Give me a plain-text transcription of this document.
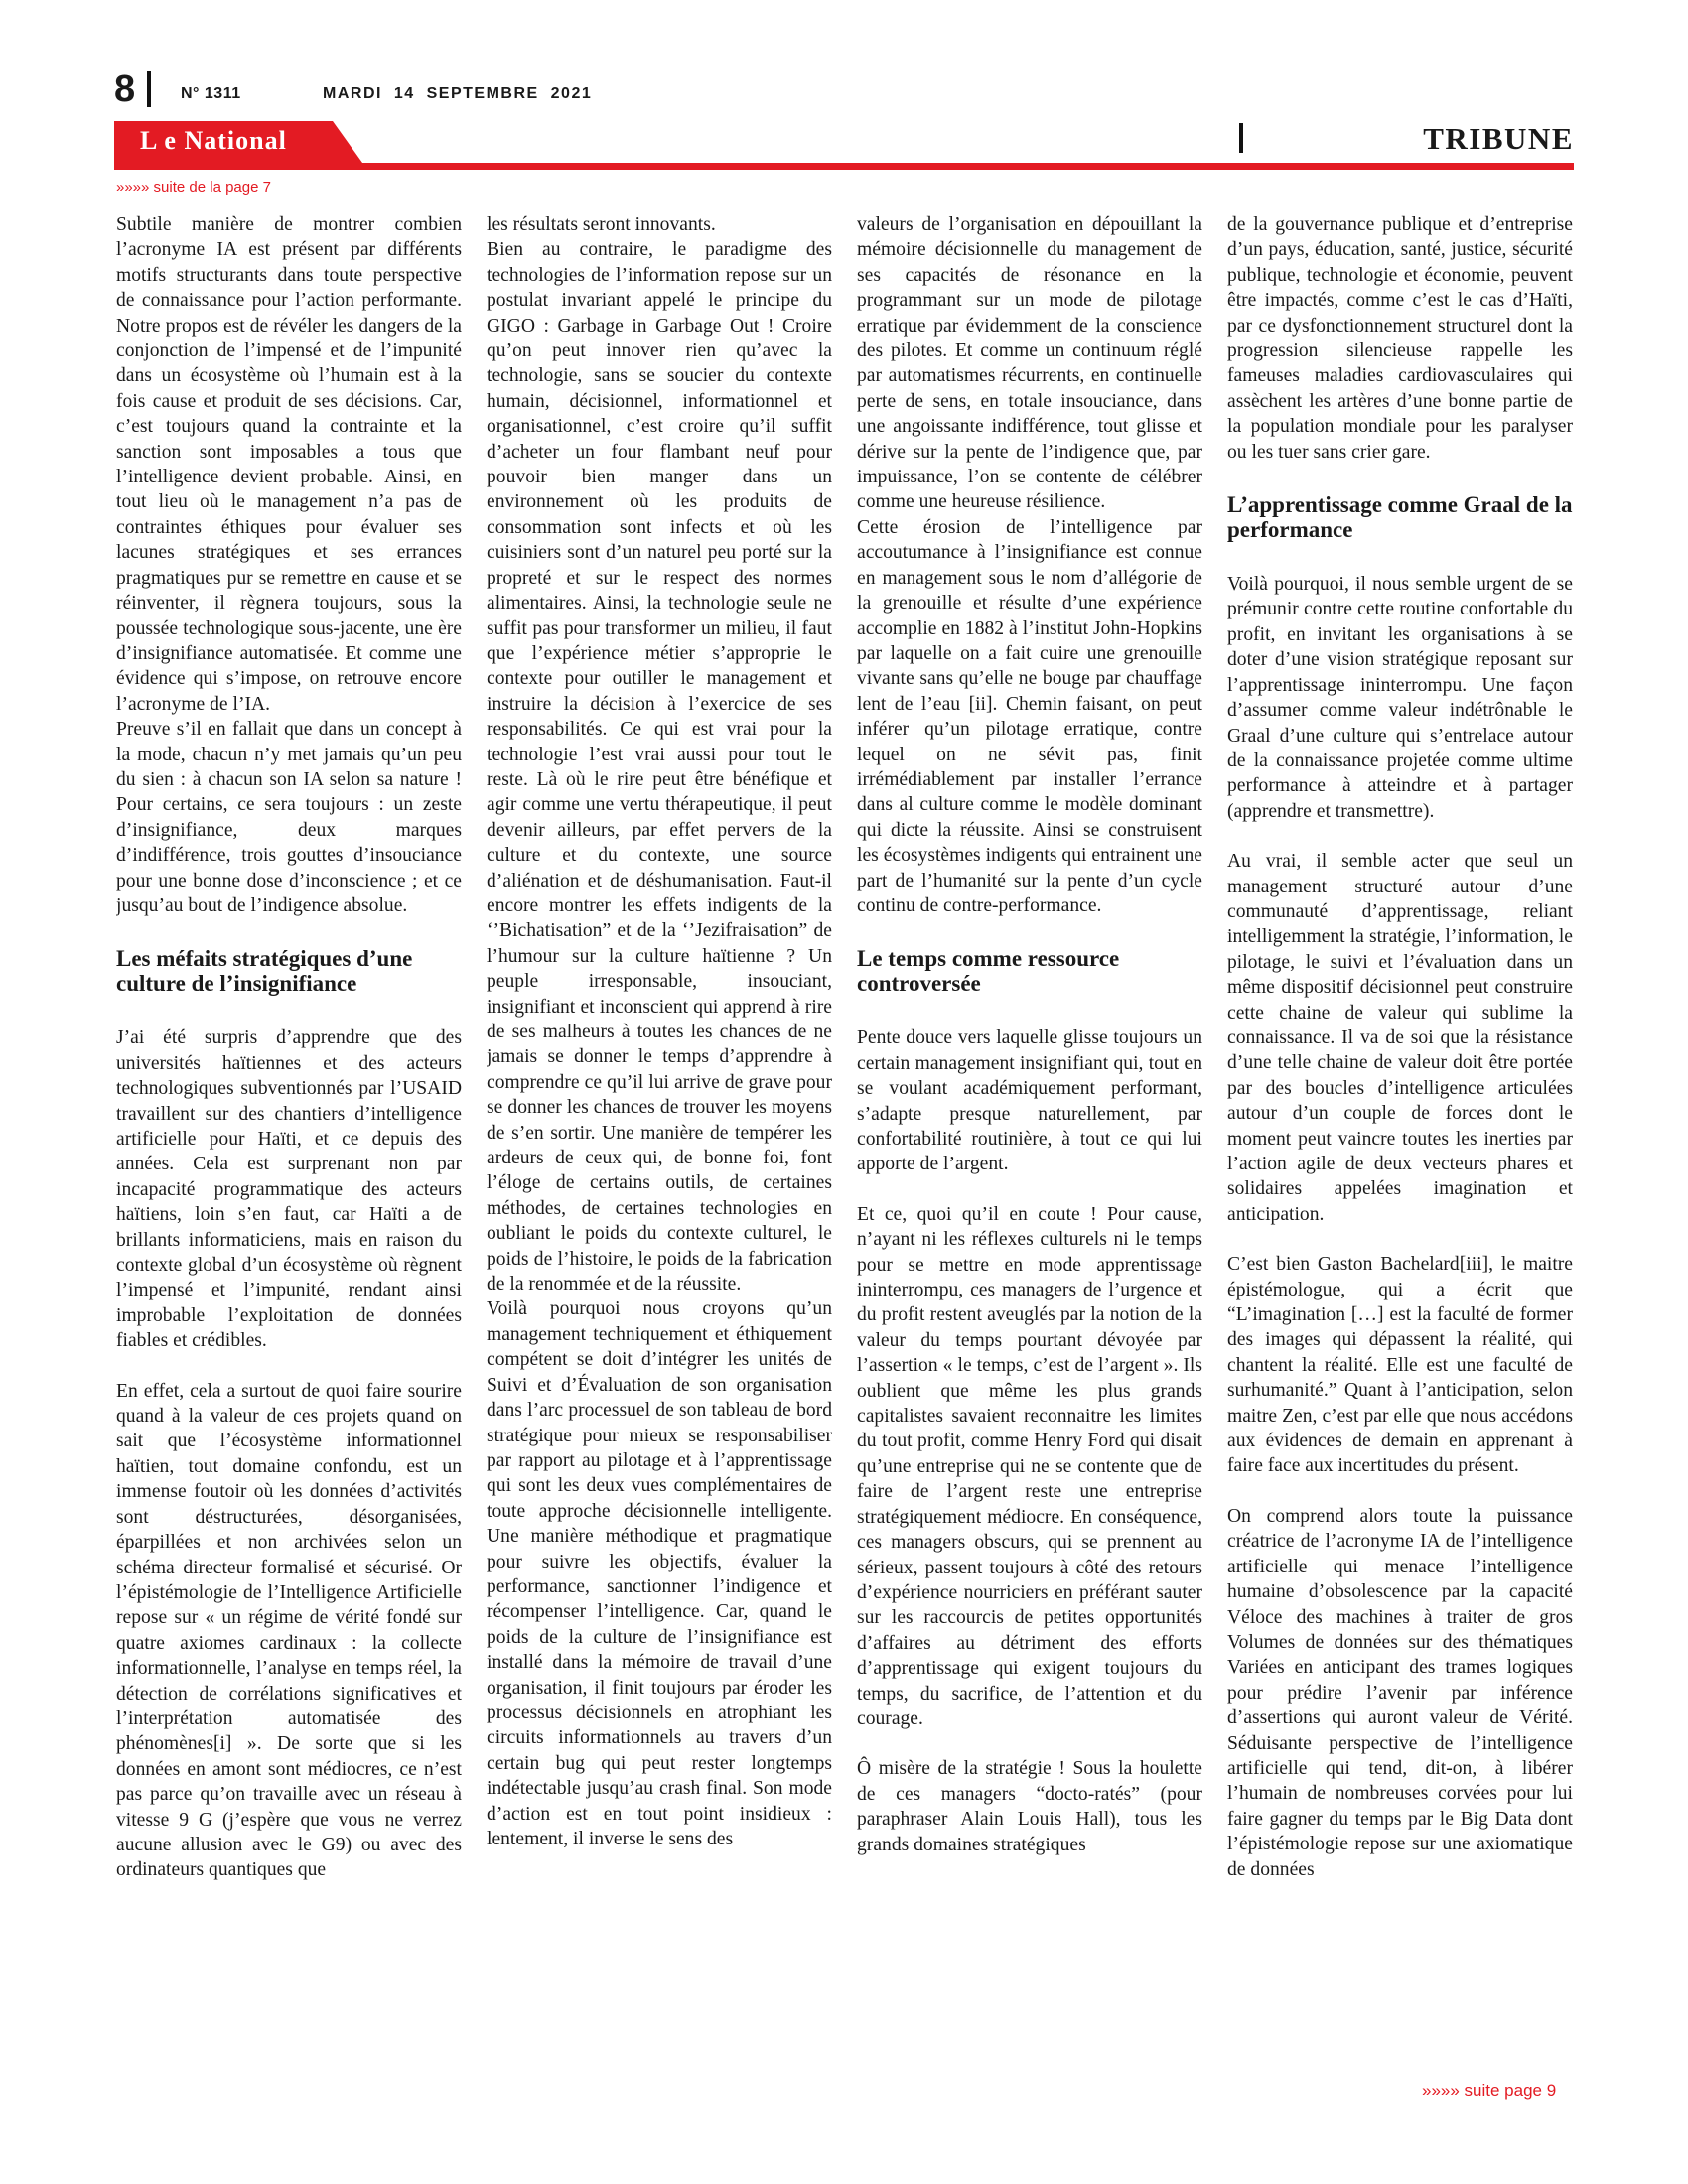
8	N° 1311	MARDI 14 SEPTEMBRE 2021
L e National	TRIBUNE
»»»» suite de la page 7

Subtile manière de montrer combien l’acronyme IA est présent par différents motifs structurants dans toute perspective de connaissance pour l’action performante. Notre propos est de révéler les dangers de la conjonction de l’impensé et de l’impunité dans un écosystème où l’humain est à la fois cause et produit de ses décisions. Car, c’est toujours quand la contrainte et la sanction sont imposables a tous que l’intelligence devient probable. Ainsi, en tout lieu où le management n’a pas de contraintes éthiques pour évaluer ses lacunes stratégiques et ses errances pragmatiques pur se remettre en cause et se réinventer, il règnera toujours, sous la poussée technologique sous-jacente, une ère d’insignifiance automatisée. Et comme une évidence qui s’impose, on retrouve encore l’acronyme de l’IA.

Preuve s’il en fallait que dans un concept à la mode, chacun n’y met jamais qu’un peu du sien : à chacun son IA selon sa nature ! Pour certains, ce sera toujours : un zeste d’insignifiance, deux marques d’indifférence, trois gouttes d’insouciance pour une bonne dose d’inconscience ; et ce jusqu’au bout de l’indigence absolue.

Les méfaits stratégiques d’une culture de l’insignifiance

J’ai été surpris d’apprendre que des universités haïtiennes et des acteurs technologiques subventionnés par l’USAID travaillent sur des chantiers d’intelligence artificielle pour Haïti, et ce depuis des années. Cela est surprenant non par incapacité programmatique des acteurs haïtiens, loin s’en faut, car Haïti a de brillants informaticiens, mais en raison du contexte global d’un écosystème où règnent l’impensé et l’impunité, rendant ainsi improbable l’exploitation de données fiables et crédibles.

En effet, cela a surtout de quoi faire sourire quand à la valeur de ces projets quand on sait que l’écosystème informationnel haïtien, tout domaine confondu, est un immense foutoir où les données d’activités sont déstructurées, désorganisées, éparpillées et non archivées selon un schéma directeur formalisé et sécurisé. Or l’épistémologie de l’Intelligence Artificielle repose sur « un régime de vérité fondé sur quatre axiomes cardinaux : la collecte informationnelle, l’analyse en temps réel, la détection de corrélations significatives et l’interprétation automatisée des phénomènes[i] ». De sorte que si les données en amont sont médiocres, ce n’est pas parce qu’on travaille avec un réseau à vitesse 9 G (j’espère que vous ne verrez aucune allusion avec le G9) ou avec des ordinateurs quantiques que

les résultats seront innovants.

Bien au contraire, le paradigme des technologies de l’information repose sur un postulat invariant appelé le principe du GIGO : Garbage in Garbage Out ! Croire qu’on peut innover rien qu’avec la technologie, sans se soucier du contexte humain, décisionnel, informationnel et organisationnel, c’est croire qu’il suffit d’acheter un four flambant neuf pour pouvoir bien manger dans un environnement où les produits de consommation sont infects et où les cuisiniers sont d’un naturel peu porté sur la propreté et sur le respect des normes alimentaires. Ainsi, la technologie seule ne suffit pas pour transformer un milieu, il faut que l’expérience métier s’approprie le contexte pour outiller le management et instruire la décision à l’exercice de ses responsabilités. Ce qui est vrai pour la technologie l’est vrai aussi pour tout le reste. Là où le rire peut être bénéfique et agir comme une vertu thérapeutique, il peut devenir ailleurs, par effet pervers de la culture et du contexte, une source d’aliénation et de déshumanisation. Faut-il encore montrer les effets indigents de la ‘’Bichatisation” et de la ‘’Jezifraisation” de l’humour sur la culture haïtienne ? Un peuple irresponsable, insouciant, insignifiant et inconscient qui apprend à rire de ses malheurs à toutes les chances de ne jamais se donner le temps d’apprendre à comprendre ce qu’il lui arrive de grave pour se donner les chances de trouver les moyens de s’en sortir. Une manière de tempérer les ardeurs de ceux qui, de bonne foi, font l’éloge de certains outils, de certaines méthodes, de certaines technologies en oubliant le poids du contexte culturel, le poids de l’histoire, le poids de la fabrication de la renommée et de la réussite.

Voilà pourquoi nous croyons qu’un management techniquement et éthiquement compétent se doit d’intégrer les unités de Suivi et d’Évaluation de son organisation dans l’arc processuel de son tableau de bord stratégique pour mieux se responsabiliser par rapport au pilotage et à l’apprentissage qui sont les deux vues complémentaires de toute approche décisionnelle intelligente. Une manière méthodique et pragmatique pour suivre les objectifs, évaluer la performance, sanctionner l’indigence et récompenser l’intelligence. Car, quand le poids de la culture de l’insignifiance est installé dans la mémoire de travail d’une organisation, il finit toujours par éroder les processus décisionnels en atrophiant les circuits informationnels au travers d’un certain bug qui peut rester longtemps indétectable jusqu’au crash final. Son mode d’action est en tout point insidieux : lentement, il inverse le sens des

valeurs de l’organisation en dépouillant la mémoire décisionnelle du management de ses capacités de résonance en la programmant sur un mode de pilotage erratique par évidemment de la conscience des pilotes. Et comme un continuum réglé par automatismes récurrents, en continuelle perte de sens, en totale insouciance, dans une angoissante indifférence, tout glisse et dérive sur la pente de l’indigence que, par impuissance, l’on se contente de célébrer comme une heureuse résilience.

Cette érosion de l’intelligence par accoutumance à l’insignifiance est connue en management sous le nom d’allégorie de la grenouille et résulte d’une expérience accomplie en 1882 à l’institut John-Hopkins par laquelle on a fait cuire une grenouille vivante sans qu’elle ne bouge par chauffage lent de l’eau [ii]. Chemin faisant, on peut inférer qu’un pilotage erratique, contre lequel on ne sévit pas, finit irrémédiablement par installer l’errance dans al culture comme le modèle dominant qui dicte la réussite. Ainsi se construisent les écosystèmes indigents qui entrainent une part de l’humanité sur la pente d’un cycle continu de contre-performance.

Le temps comme ressource controversée

Pente douce vers laquelle glisse toujours un certain management insignifiant qui, tout en se voulant académiquement performant, s’adapte presque naturellement, par confortabilité routinière, à tout ce qui lui apporte de l’argent.

Et ce, quoi qu’il en coute ! Pour cause, n’ayant ni les réflexes culturels ni le temps pour se mettre en mode apprentissage ininterrompu, ces managers de l’urgence et du profit restent aveuglés par la notion de la valeur du temps pourtant dévoyée par l’assertion « le temps, c’est de l’argent ». Ils oublient que même les plus grands capitalistes savaient reconnaitre les limites du tout profit, comme Henry Ford qui disait qu’une entreprise qui ne se contente que de faire de l’argent reste une entreprise stratégiquement médiocre. En conséquence, ces managers obscurs, qui se prennent au sérieux, passent toujours à côté des retours d’expérience nourriciers en préférant sauter sur les raccourcis de petites opportunités d’affaires au détriment des efforts d’apprentissage qui exigent toujours du temps, du sacrifice, de l’attention et du courage.

Ô misère de la stratégie ! Sous la houlette de ces managers “docto-ratés” (pour paraphraser Alain Louis Hall), tous les grands domaines stratégiques

de la gouvernance publique et d’entreprise d’un pays, éducation, santé, justice, sécurité publique, technologie et économie, peuvent être impactés, comme c’est le cas d’Haïti, par ce dysfonctionnement structurel dont la progression silencieuse rappelle les fameuses maladies cardiovasculaires qui assèchent les artères d’une bonne partie de la population mondiale pour les paralyser ou les tuer sans crier gare.

L’apprentissage comme Graal de la performance

Voilà pourquoi, il nous semble urgent de se prémunir contre cette routine confortable du profit, en invitant les organisations à se doter d’une vision stratégique reposant sur l’apprentissage ininterrompu. Une façon d’assumer comme valeur indétrônable le Graal d’une culture qui s’entrelace autour de la connaissance projetée comme ultime performance à atteindre et à partager (apprendre et transmettre).

Au vrai, il semble acter que seul un management structuré autour d’une communauté d’apprentissage, reliant intelligemment la stratégie, l’information, le pilotage, le suivi et l’évaluation dans un même dispositif décisionnel peut construire cette chaine de valeur qui sublime la connaissance. Il va de soi que la résistance d’une telle chaine de valeur doit être portée par des boucles d’intelligence articulées autour d’un couple de forces dont le moment peut vaincre toutes les inerties par l’action agile de deux vecteurs phares et solidaires appelées imagination et anticipation.

C’est bien Gaston Bachelard[iii], le maitre épistémologue, qui a écrit que “L’imagination […] est la faculté de former des images qui dépassent la réalité, qui chantent la réalité. Elle est une faculté de surhumanité.” Quant à l’anticipation, selon maitre Zen, c’est par elle que nous accédons aux évidences de demain en apprenant à faire face aux incertitudes du présent.

On comprend alors toute la puissance créatrice de l’acronyme IA de l’intelligence artificielle qui menace l’intelligence humaine d’obsolescence par la capacité Véloce des machines à traiter de gros Volumes de données sur des thématiques Variées en anticipant des trames logiques pour prédire l’avenir par inférence d’assertions qui auront valeur de Vérité. Séduisante perspective de l’intelligence artificielle qui tend, dit-on, à libérer l’humain de nombreuses corvées pour lui faire gagner du temps par le Big Data dont l’épistémologie repose sur une axiomatique de données

»»»» suite page 9
